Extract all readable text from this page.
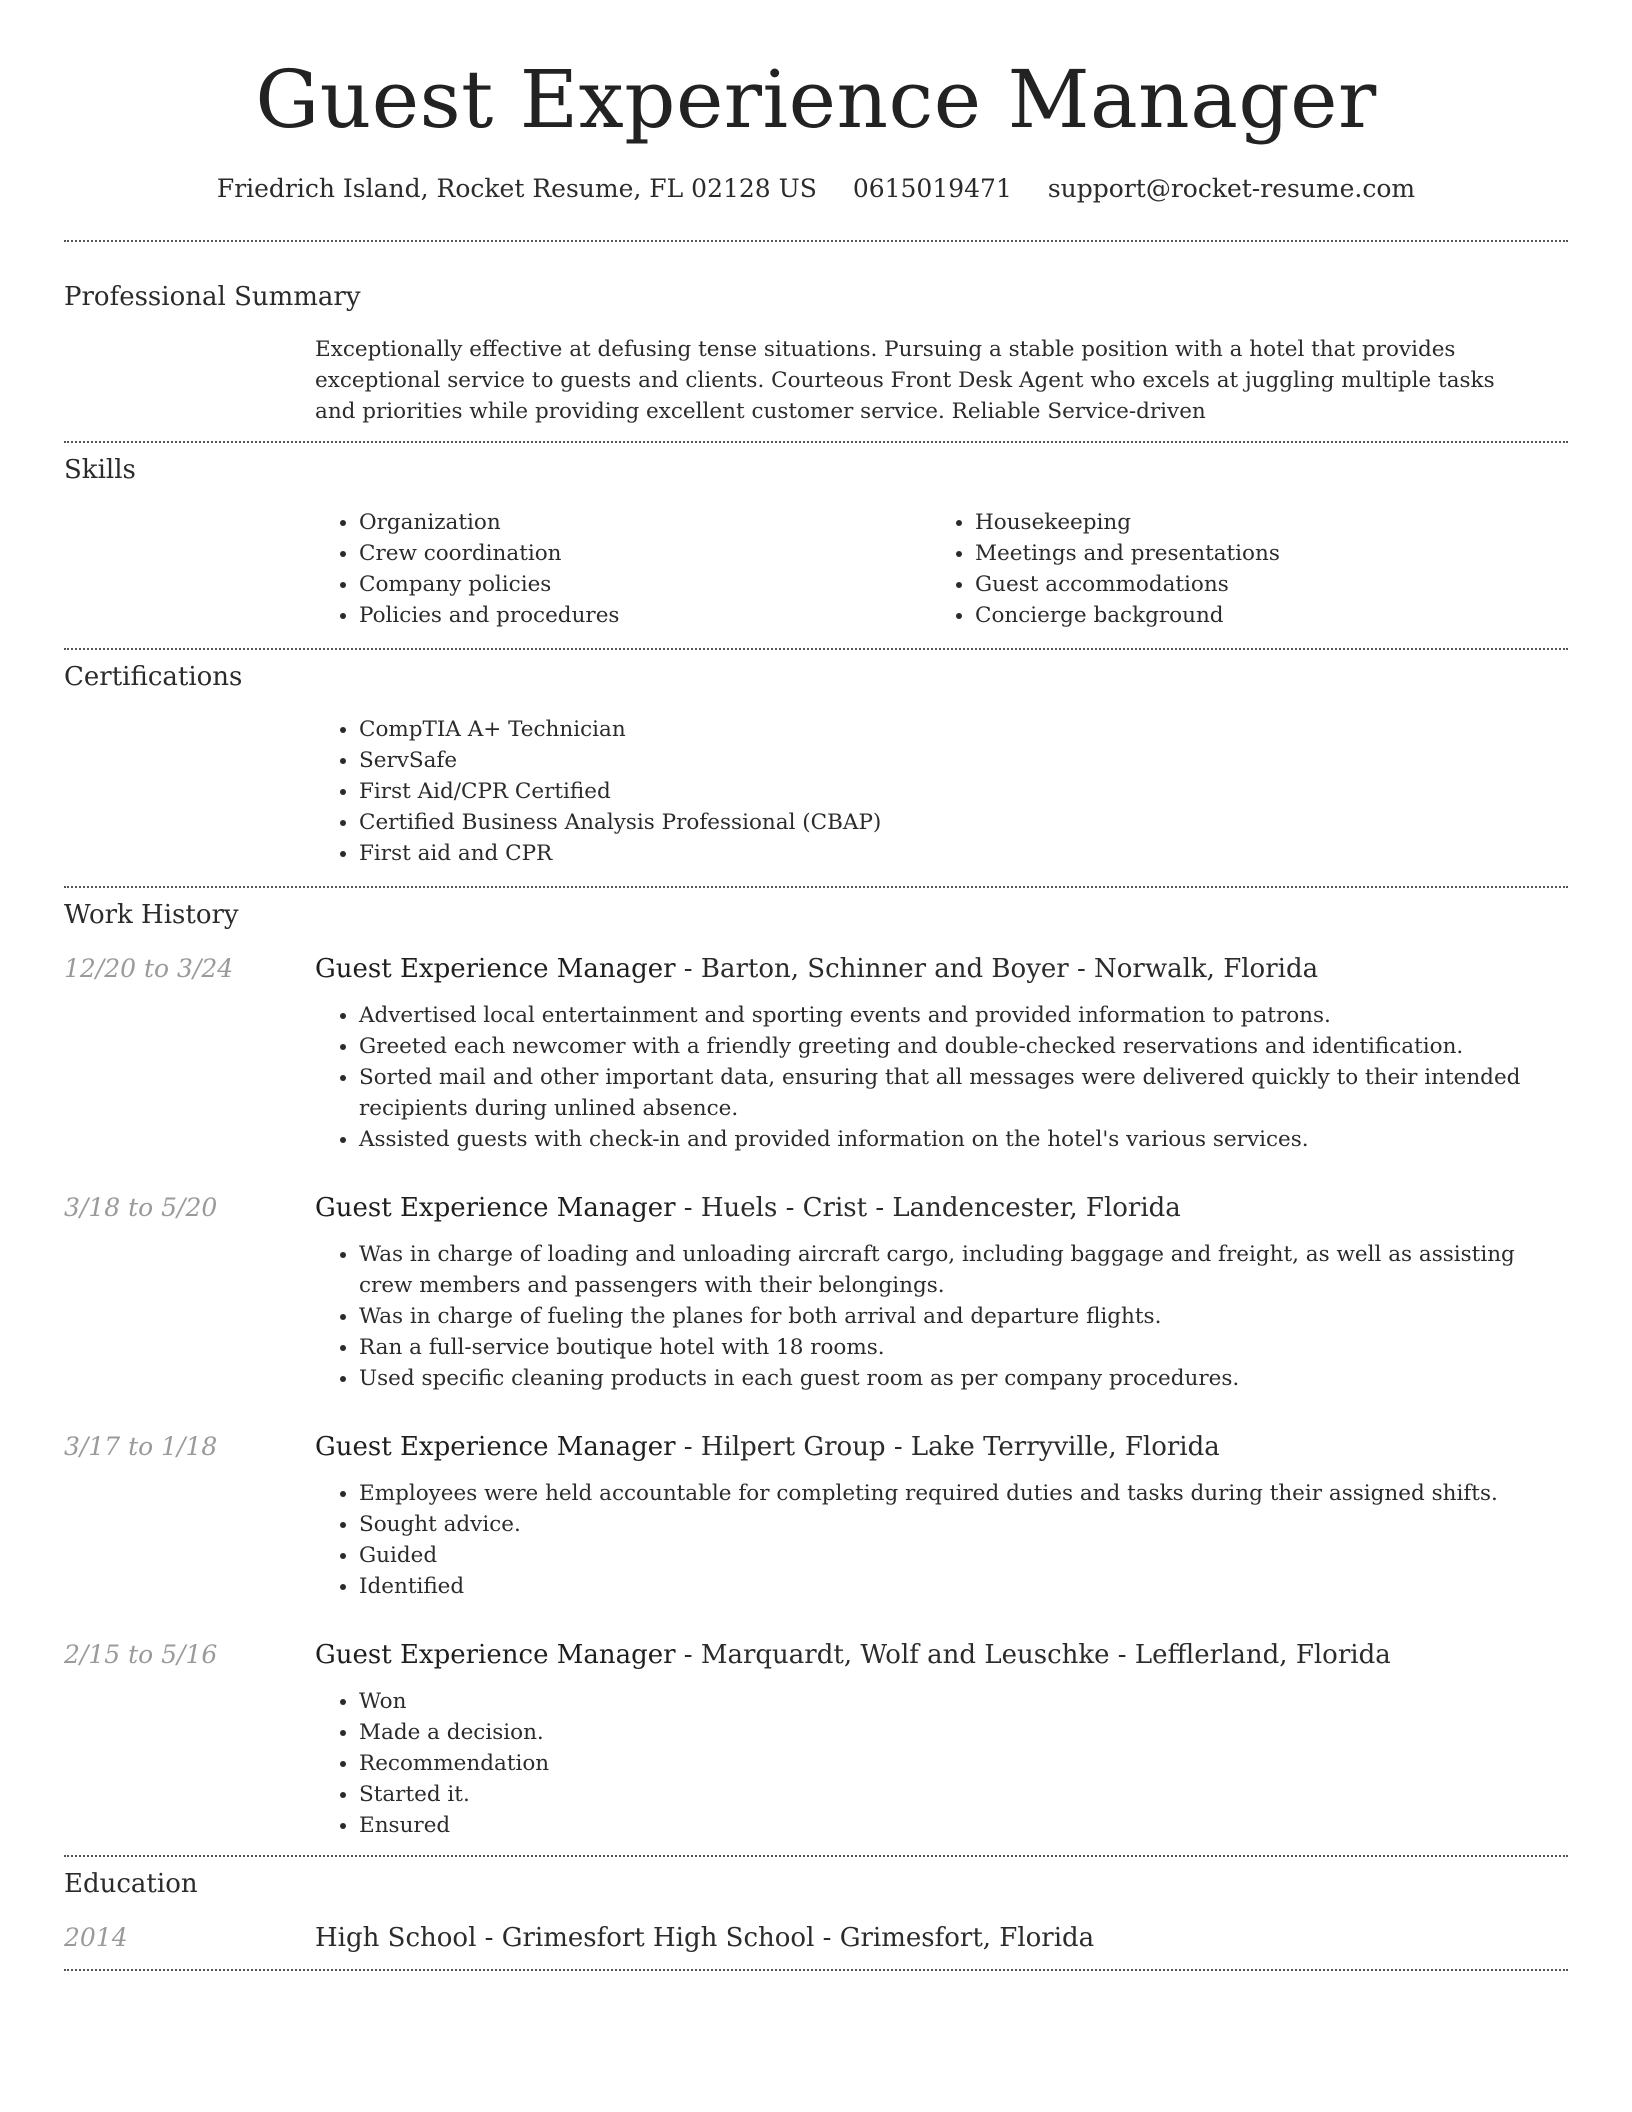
Guest Experience Manager
Friedrich Island, Rocket Resume, FL 02128 US 0615019471 support@rocket-resume.com
Professional Summary

Exceptionally effective at defusing tense situations. Pursuing a stable position with a hotel that provides exceptional service to guests and clients. Courteous Front Desk Agent who excels at juggling multiple tasks and priorities while providing excellent customer service. Reliable Service-driven

Skills
• Organization
• Crew coordination
• Company policies
• Policies and procedures
• Housekeeping
• Meetings and presentations
• Guest accommodations
• Concierge background
Certifications
• CompTIA A+ Technician
• ServSafe
• First Aid/CPR Certified
• Certified Business Analysis Professional (CBAP)
• First aid and CPR
Work History
12/20 to 3/24	Guest Experience Manager - Barton, Schinner and Boyer - Norwalk, Florida
• Advertised local entertainment and sporting events and provided information to patrons.
• Greeted each newcomer with a friendly greeting and double-checked reservations and identification.
• Sorted mail and other important data, ensuring that all messages were delivered quickly to their intended recipients during unlined absence.
• Assisted guests with check-in and provided information on the hotel's various services.
3/18 to 5/20	Guest Experience Manager - Huels - Crist - Landencester, Florida
• Was in charge of loading and unloading aircraft cargo, including baggage and freight, as well as assisting crew members and passengers with their belongings.
• Was in charge of fueling the planes for both arrival and departure flights.
• Ran a full-service boutique hotel with 18 rooms.
• Used specific cleaning products in each guest room as per company procedures.
3/17 to 1/18	Guest Experience Manager - Hilpert Group - Lake Terryville, Florida
• Employees were held accountable for completing required duties and tasks during their assigned shifts.
• Sought advice.
• Guided
• Identified
2/15 to 5/16	Guest Experience Manager - Marquardt, Wolf and Leuschke - Lefflerland, Florida
• Won
• Made a decision.
• Recommendation
• Started it.
• Ensured
Education
2014	High School - Grimesfort High School - Grimesfort, Florida
